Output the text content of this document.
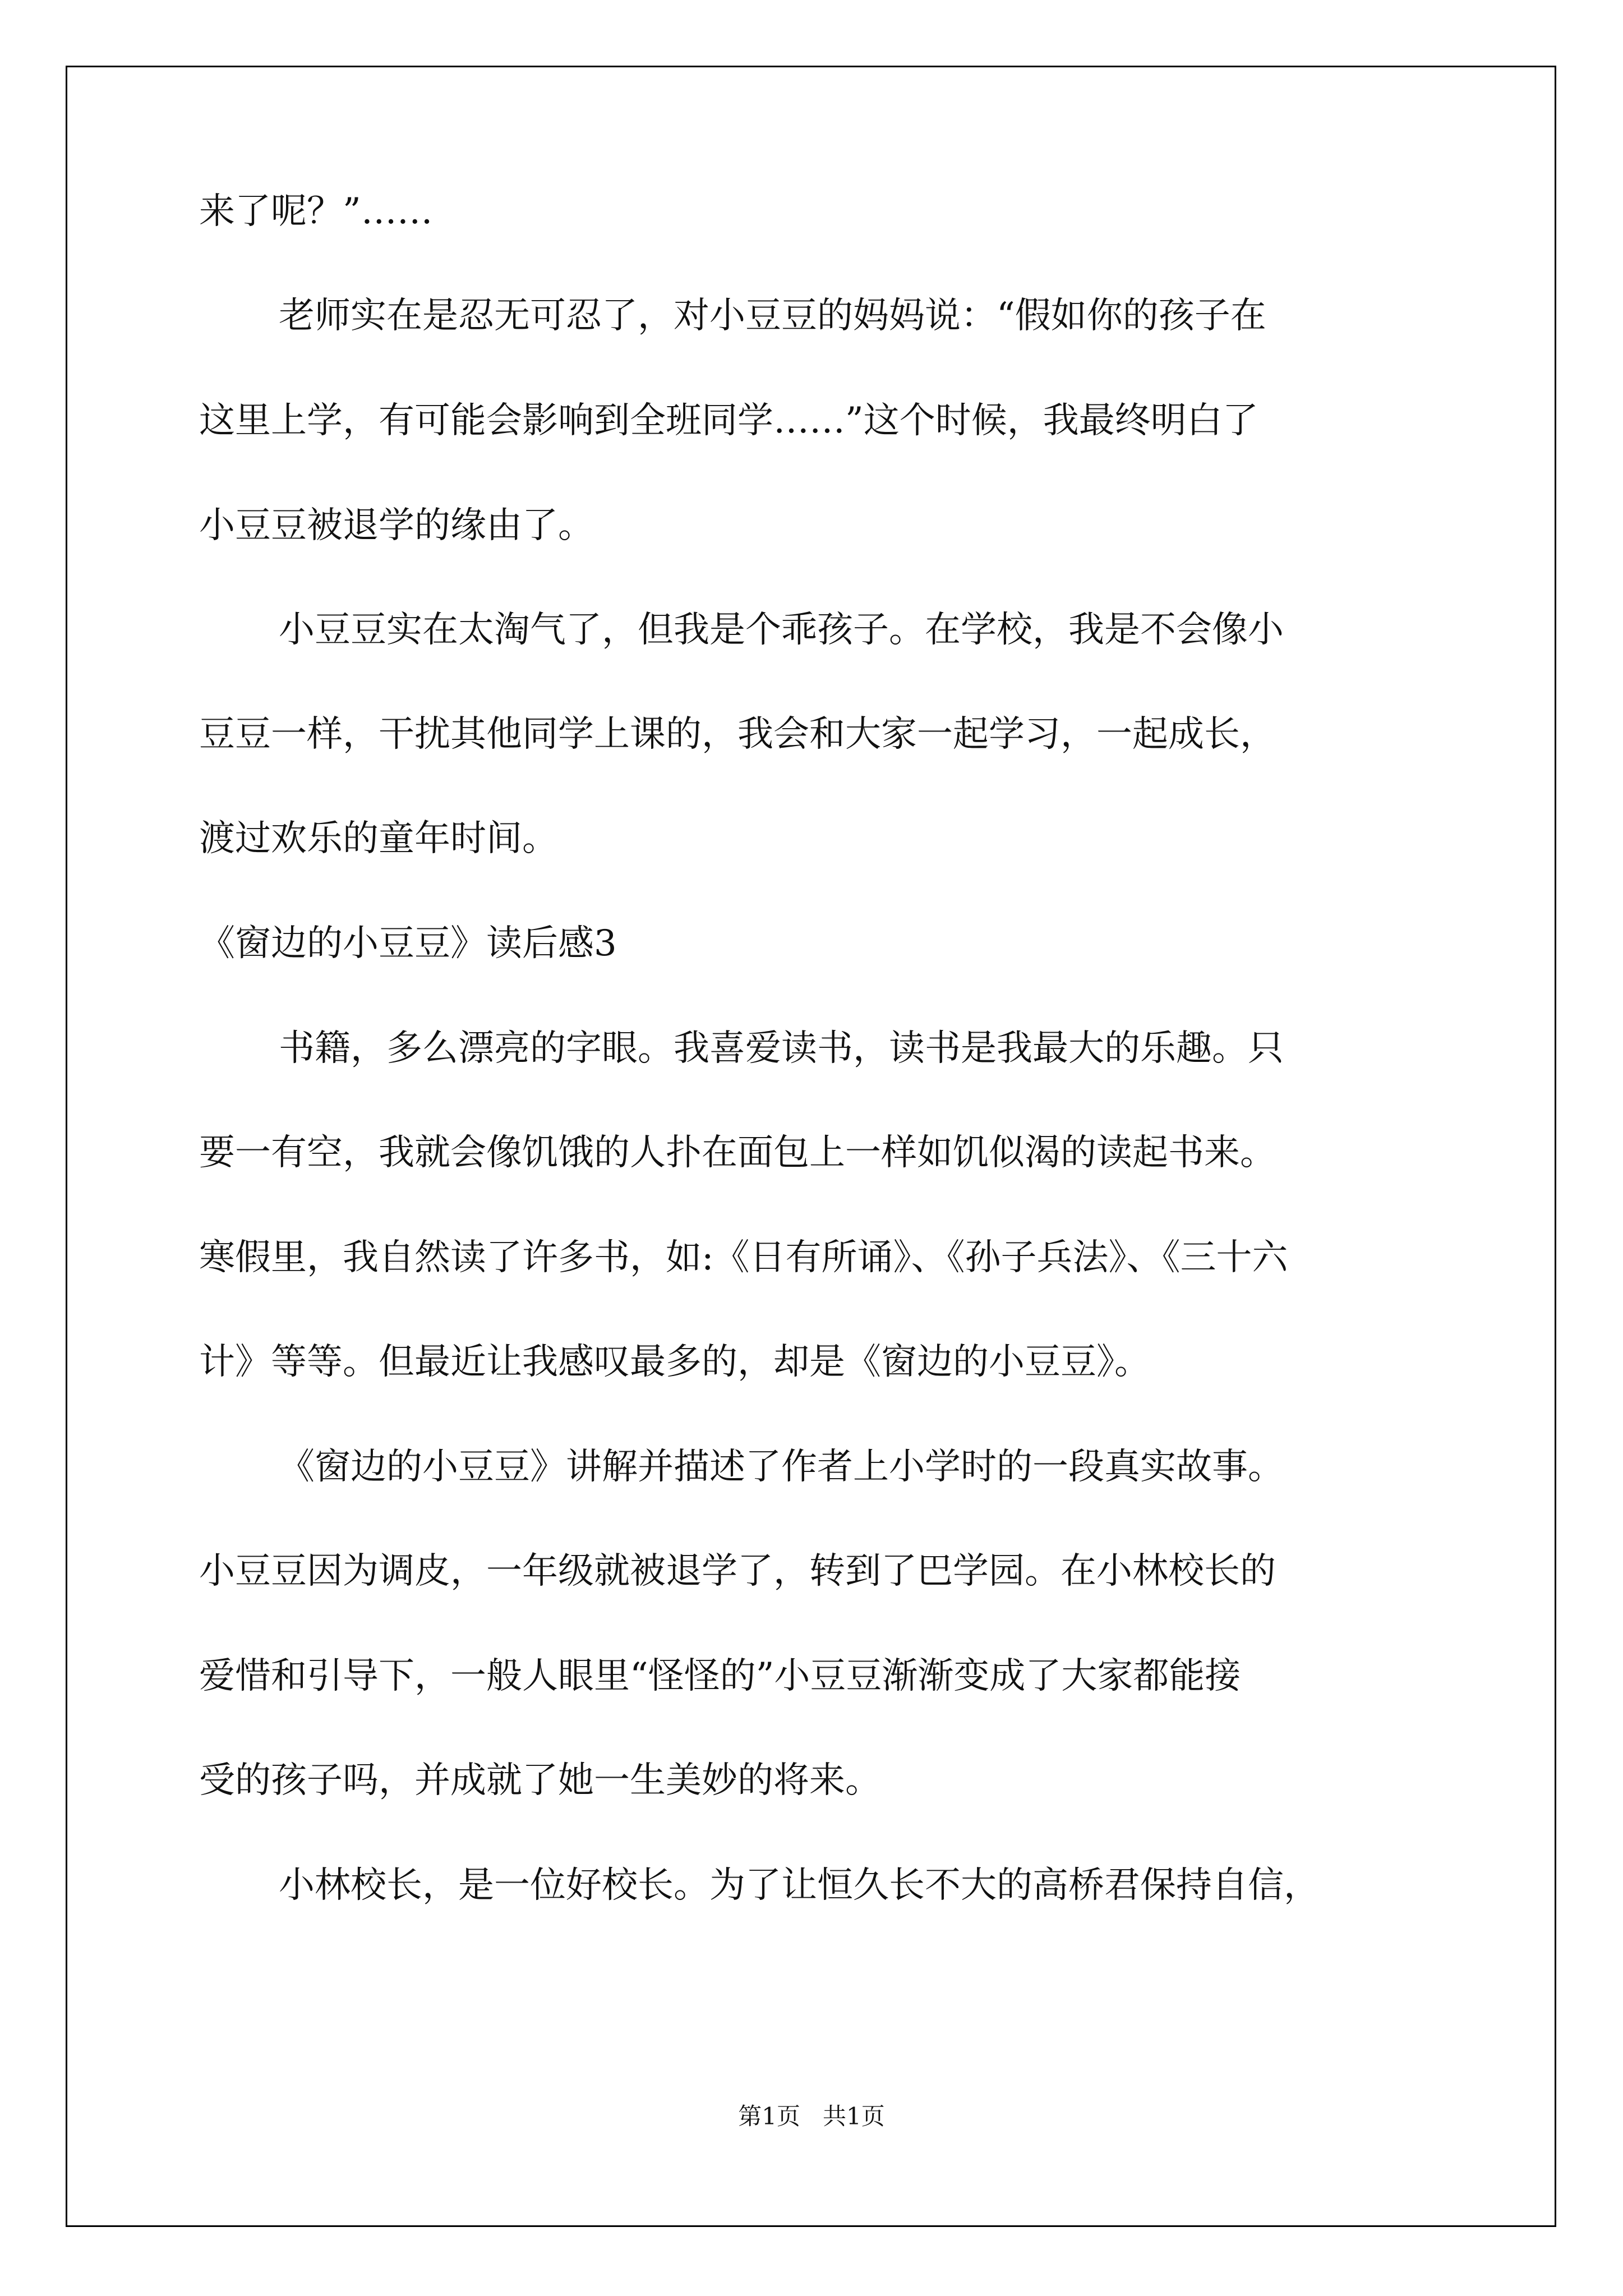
来了呢？”……
老师实在是忍无可忍了，对小豆豆的妈妈说：“假如你的孩子在
这里上学，有可能会影响到全班同学……”这个时候，我最终明白了
小豆豆被退学的缘由了。
小豆豆实在太淘气了，但我是个乖孩子。在学校，我是不会像小
豆豆一样，干扰其他同学上课的，我会和大家一起学习，一起成长，
渡过欢乐的童年时间。
《窗边的小豆豆》读后感3
书籍，多么漂亮的字眼。我喜爱读书，读书是我最大的乐趣。只
要一有空，我就会像饥饿的人扑在面包上一样如饥似渴的读起书来。
寒假里，我自然读了许多书，如:《日有所诵》、《孙子兵法》、《三十六
计》等等。但最近让我感叹最多的，却是《窗边的小豆豆》。
《窗边的小豆豆》讲解并描述了作者上小学时的一段真实故事。
小豆豆因为调皮，一年级就被退学了，转到了巴学园。在小林校长的
爱惜和引导下，一般人眼里“怪怪的”小豆豆渐渐变成了大家都能接
受的孩子吗，并成就了她一生美妙的将来。
小林校长，是一位好校长。为了让恒久长不大的高桥君保持自信，
第1页   共1页
